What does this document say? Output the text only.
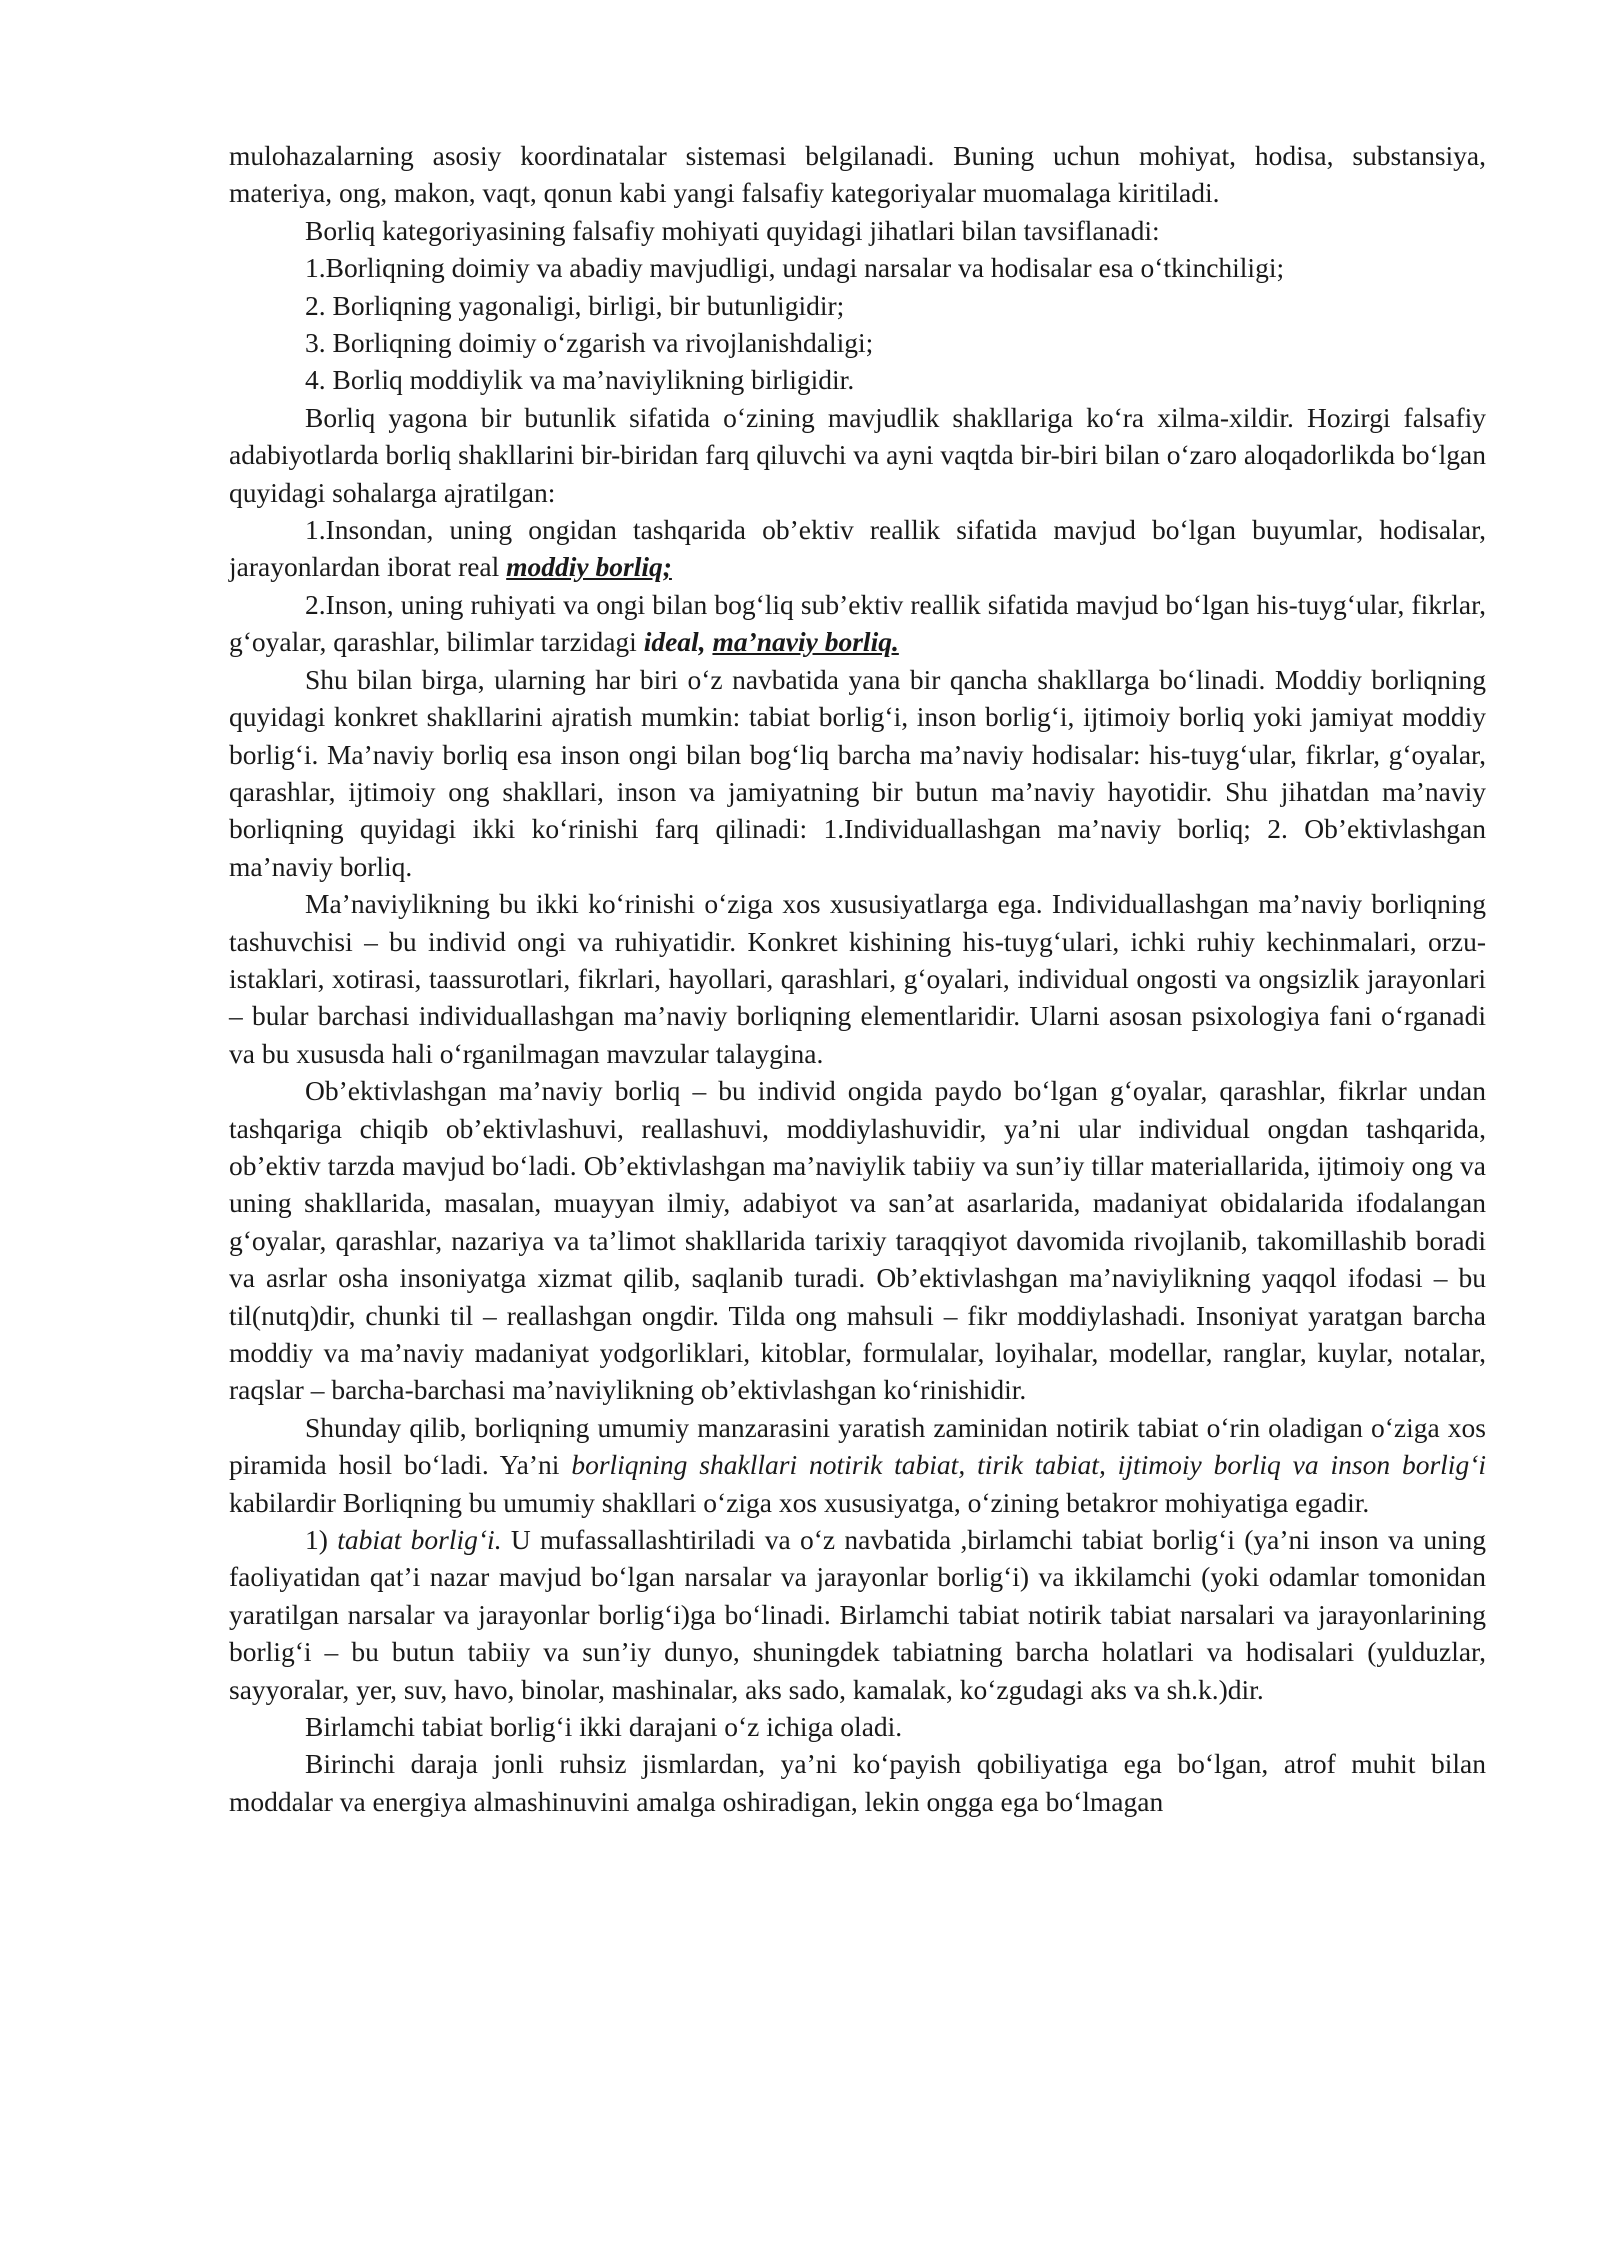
mulohazalarning asosiy koordinatalar sistemasi belgilanadi. Buning uchun mohiyat, hodisa, substansiya, materiya, ong, makon, vaqt, qonun kabi yangi falsafiy kategoriyalar muomalaga kiritiladi.

Borliq kategoriyasining falsafiy mohiyati quyidagi jihatlari bilan tavsiflanadi:

1.Borliqning doimiy va abadiy mavjudligi, undagi narsalar va hodisalar esa o‘tkinchiligi;

2. Borliqning yagonaligi, birligi, bir butunligidir;

3. Borliqning doimiy o‘zgarish va rivojlanishdaligi;

4. Borliq moddiylik va ma’naviylikning birligidir.

Borliq yagona bir butunlik sifatida o‘zining mavjudlik shakllariga ko‘ra xilma-xildir. Hozirgi falsafiy adabiyotlarda borliq shakllarini bir-biridan farq qiluvchi va ayni vaqtda bir-biri bilan o‘zaro aloqadorlikda bo‘lgan quyidagi sohalarga ajratilgan:

1.Insondan, uning ongidan tashqarida ob’ektiv reallik sifatida mavjud bo‘lgan buyumlar, hodisalar, jarayonlardan iborat real moddiy borliq;

2.Inson, uning ruhiyati va ongi bilan bog‘liq sub’ektiv reallik sifatida mavjud bo‘lgan his-tuyg‘ular, fikrlar, g‘oyalar, qarashlar, bilimlar tarzidagi ideal, ma’naviy borliq.

Shu bilan birga, ularning har biri o‘z navbatida yana bir qancha shakllarga bo‘linadi. Moddiy borliqning quyidagi konkret shakllarini ajratish mumkin: tabiat borlig‘i, inson borlig‘i, ijtimoiy borliq yoki jamiyat moddiy borlig‘i. Ma’naviy borliq esa inson ongi bilan bog‘liq barcha ma’naviy hodisalar: his-tuyg‘ular, fikrlar, g‘oyalar, qarashlar, ijtimoiy ong shakllari, inson va jamiyatning bir butun ma’naviy hayotidir. Shu jihatdan ma’naviy borliqning quyidagi ikki ko‘rinishi farq qilinadi: 1.Individuallashgan ma’naviy borliq; 2. Ob’ektivlashgan ma’naviy borliq.

Ma’naviylikning bu ikki ko‘rinishi o‘ziga xos xususiyatlarga ega. Individuallashgan ma’naviy borliqning tashuvchisi – bu individ ongi va ruhiyatidir. Konkret kishining his-tuyg‘ulari, ichki ruhiy kechinmalari, orzu-istaklari, xotirasi, taassurotlari, fikrlari, hayollari, qarashlari, g‘oyalari, individual ongosti va ongsizlik jarayonlari – bular barchasi individuallashgan ma’naviy borliqning elementlaridir. Ularni asosan psixologiya fani o‘rganadi va bu xususda hali o‘rganilmagan mavzular talaygina.

Ob’ektivlashgan ma’naviy borliq – bu individ ongida paydo bo‘lgan g‘oyalar, qarashlar, fikrlar undan tashqariga chiqib ob’ektivlashuvi, reallashuvi, moddiylashuvidir, ya’ni ular individual ongdan tashqarida, ob’ektiv tarzda mavjud bo‘ladi. Ob’ektivlashgan ma’naviylik tabiiy va sun’iy tillar materiallarida, ijtimoiy ong va uning shakllarida, masalan, muayyan ilmiy, adabiyot va san’at asarlarida, madaniyat obidalarida ifodalangan g‘oyalar, qarashlar, nazariya va ta’limot shakllarida tarixiy taraqqiyot davomida rivojlanib, takomillashib boradi va asrlar osha insoniyatga xizmat qilib, saqlanib turadi. Ob’ektivlashgan ma’naviylikning yaqqol ifodasi – bu til(nutq)dir, chunki til – reallashgan ongdir. Tilda ong mahsuli – fikr moddiylashadi. Insoniyat yaratgan barcha moddiy va ma’naviy madaniyat yodgorliklari, kitoblar, formulalar, loyihalar, modellar, ranglar, kuylar, notalar, raqslar – barcha-barchasi ma’naviylikning ob’ektivlashgan ko‘rinishidir.

Shunday qilib, borliqning umumiy manzarasini yaratish zaminidan notirik tabiat o‘rin oladigan o‘ziga xos piramida hosil bo‘ladi. Ya’ni borliqning shakllari notirik tabiat, tirik tabiat, ijtimoiy borliq va inson borlig‘i kabilardir Borliqning bu umumiy shakllari o‘ziga xos xususiyatga, o‘zining betakror mohiyatiga egadir.

1) tabiat borlig‘i. U mufassallashtiriladi va o‘z navbatida ,birlamchi tabiat borlig‘i (ya’ni inson va uning faoliyatidan qat’i nazar mavjud bo‘lgan narsalar va jarayonlar borlig‘i) va ikkilamchi (yoki odamlar tomonidan yaratilgan narsalar va jarayonlar borlig‘i)ga bo‘linadi. Birlamchi tabiat notirik tabiat narsalari va jarayonlarining borlig‘i – bu butun tabiiy va sun’iy dunyo, shuningdek tabiatning barcha holatlari va hodisalari (yulduzlar, sayyoralar, yer, suv, havo, binolar, mashinalar, aks sado, kamalak, ko‘zgudagi aks va sh.k.)dir.

Birlamchi tabiat borlig‘i ikki darajani o‘z ichiga oladi.

Birinchi daraja jonli ruhsiz jismlardan, ya’ni ko‘payish qobiliyatiga ega bo‘lgan, atrof muhit bilan moddalar va energiya almashinuvini amalga oshiradigan, lekin ongga ega bo‘lmagan
